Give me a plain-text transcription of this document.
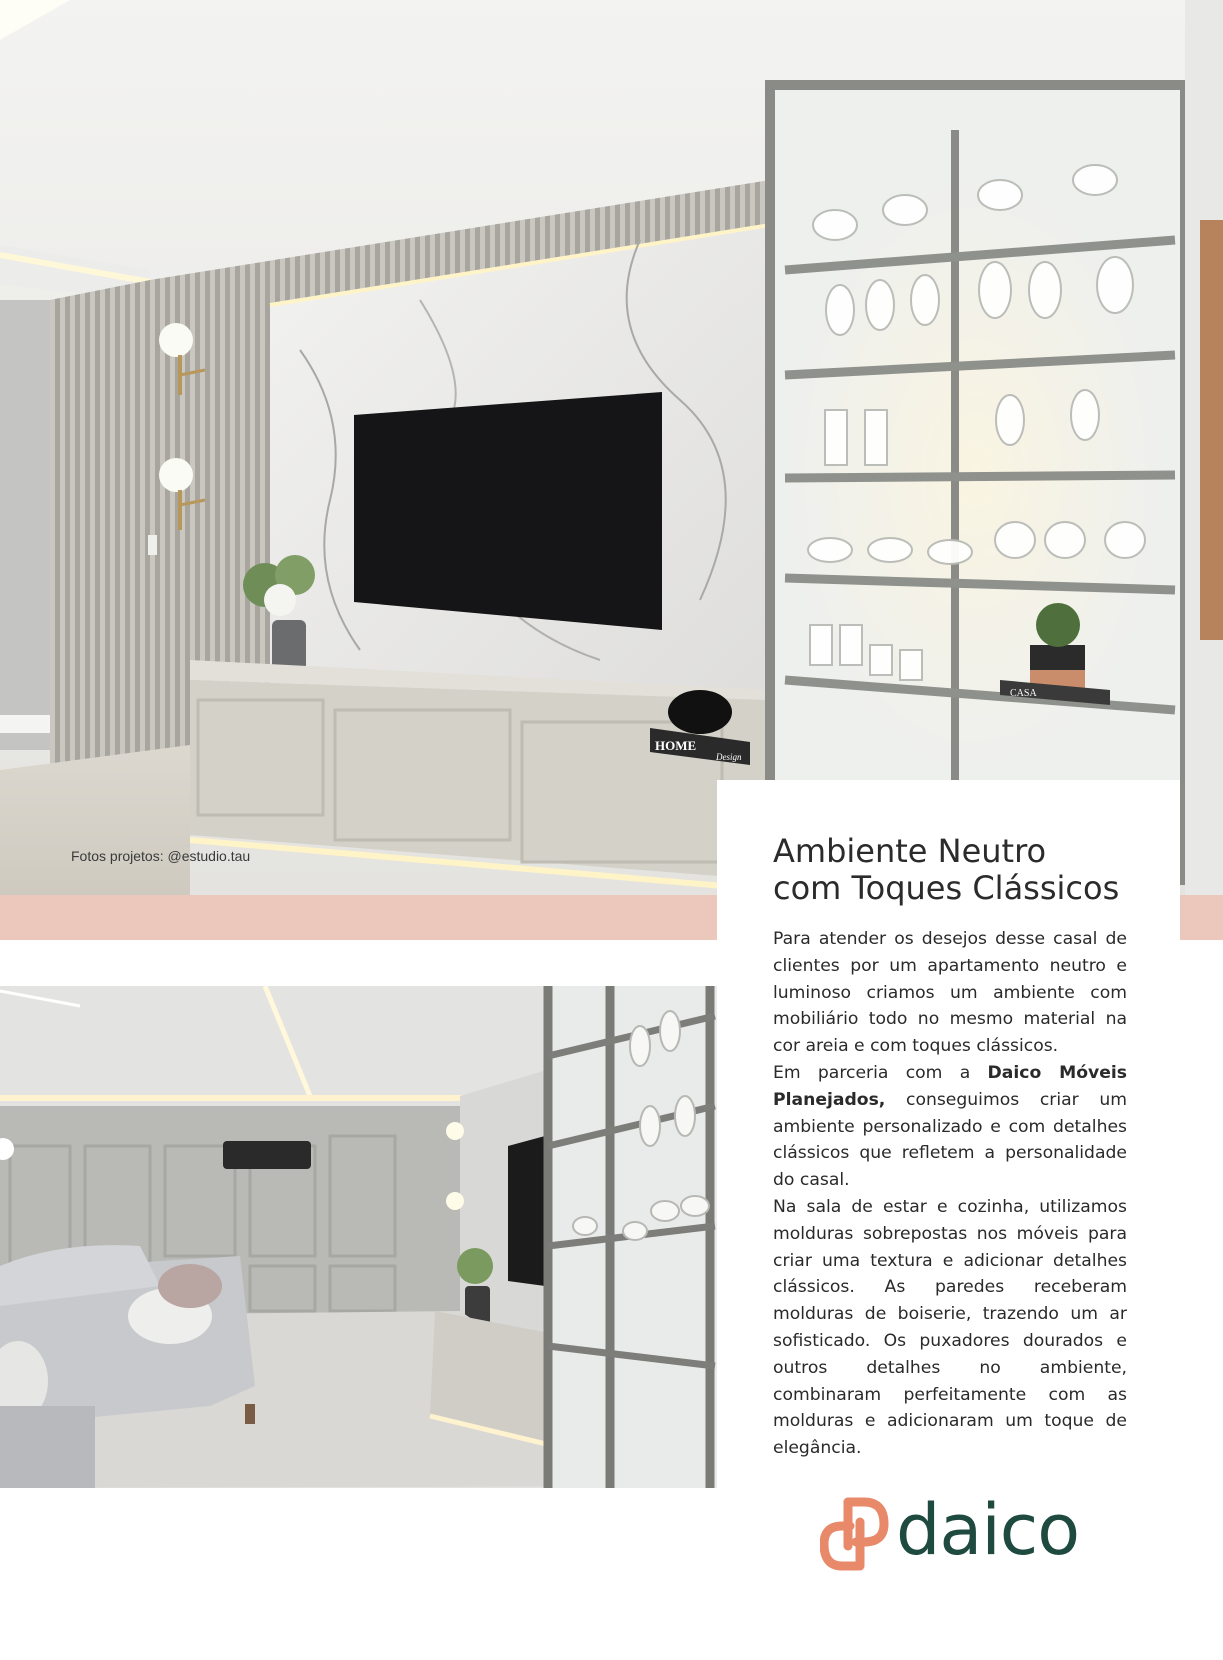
HOME
Design
CASA
Fotos projetos: @estudio.tau	Ambiente Neutro
com Toques Clássicos

Para atender os desejos desse casal de clientes por um apartamento neutro e luminoso criamos um ambiente com mobiliário todo no mesmo material na cor areia e com toques clássicos.

Em parceria com a Daico Móveis Planejados, conseguimos criar um ambiente personalizado e com detalhes clássicos que refletem a personalidade do casal.

Na sala de estar e cozinha, utilizamos molduras sobrepostas nos móveis para criar uma textura e adicionar detalhes clássicos. As paredes receberam molduras de boiserie, trazendo um ar sofisticado. Os puxadores dourados e outros detalhes no ambiente, combinaram perfeitamente com as molduras e adicionaram um toque de elegância.

daico
